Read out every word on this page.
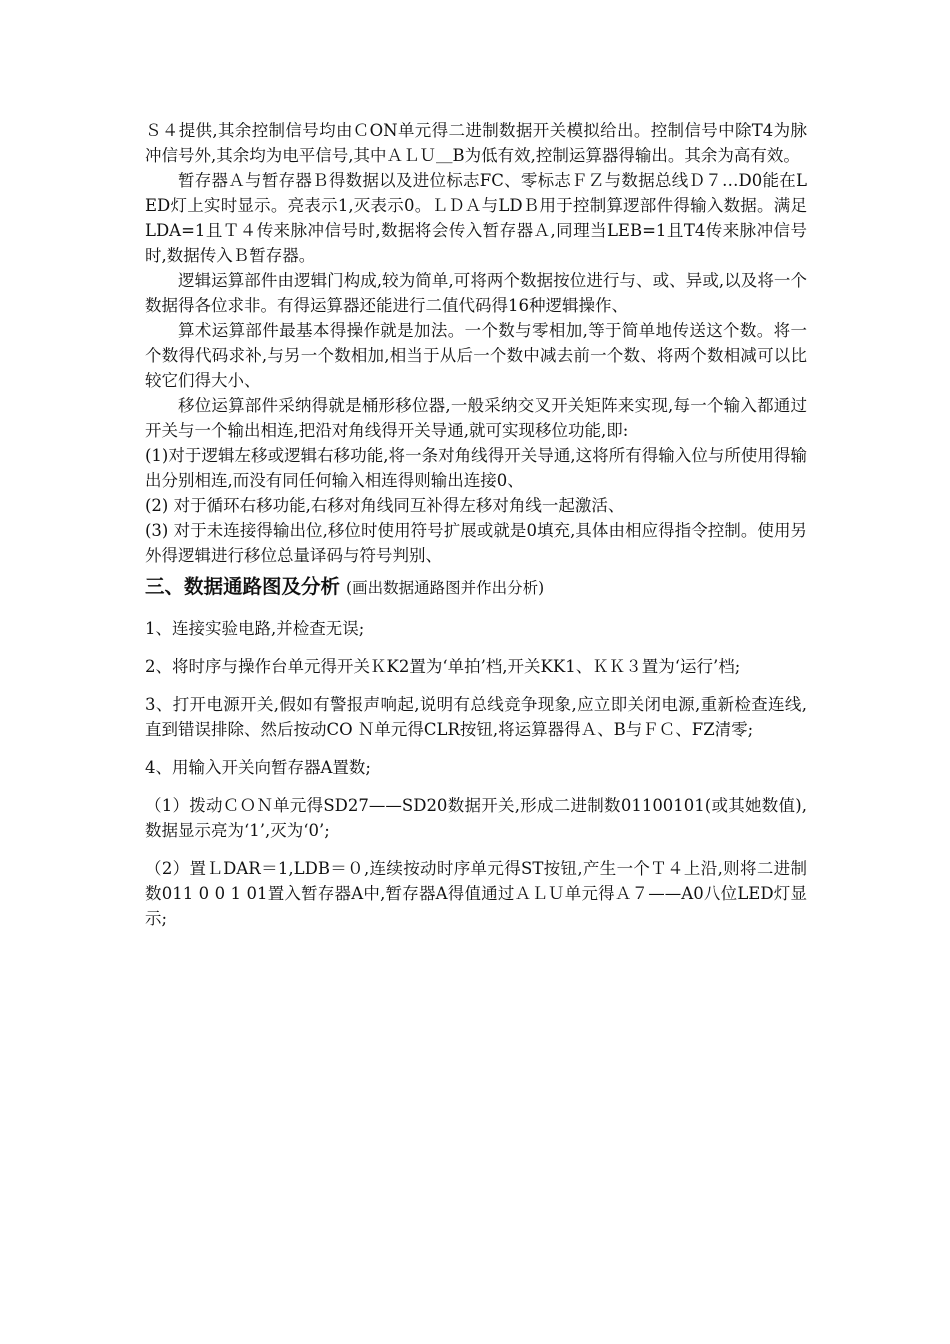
Ｓ４提供,其余控制信号均由ＣON单元得二进制数据开关模拟给出。控制信号中除T4为脉冲信号外,其余均为电平信号,其中ＡＬＵ＿B为低有效,控制运算器得输出。其余为高有效。

暂存器Ａ与暂存器Ｂ得数据以及进位标志FC、零标志ＦＺ与数据总线Ｄ７…D0能在LED灯上实时显示。亮表示1,灭表示0。ＬＤＡ与LDＢ用于控制算逻部件得输入数据。满足LDA=1且Ｔ４传来脉冲信号时,数据将会传入暂存器Ａ,同理当LEB=1且T4传来脉冲信号时,数据传入Ｂ暂存器。

逻辑运算部件由逻辑门构成,较为简单,可将两个数据按位进行与、或、异或,以及将一个数据得各位求非。有得运算器还能进行二值代码得16种逻辑操作、

算术运算部件最基本得操作就是加法。一个数与零相加,等于简单地传送这个数。将一个数得代码求补,与另一个数相加,相当于从后一个数中减去前一个数、将两个数相减可以比较它们得大小、

移位运算部件采纳得就是桶形移位器,一般采纳交叉开关矩阵来实现,每一个输入都通过开关与一个输出相连,把沿对角线得开关导通,就可实现移位功能,即:

(1)对于逻辑左移或逻辑右移功能,将一条对角线得开关导通,这将所有得输入位与所使用得输出分别相连,而没有同任何输入相连得则输出连接0、

(2) 对于循环右移功能,右移对角线同互补得左移对角线一起激活、

(3) 对于未连接得输出位,移位时使用符号扩展或就是0填充,具体由相应得指令控制。使用另外得逻辑进行移位总量译码与符号判别、

三、数据通路图及分析 (画出数据通路图并作出分析)

1、连接实验电路,并检查无误;

2、将时序与操作台单元得开关ＫK2置为‘单拍’档,开关KK1、ＫＫ３置为‘运行’档;

3、打开电源开关,假如有警报声响起,说明有总线竞争现象,应立即关闭电源,重新检查连线,直到错误排除、然后按动CO Ｎ单元得CLR按钮,将运算器得Ａ、B与ＦＣ、FZ清零;

4、用输入开关向暂存器A置数;

（1）拨动ＣＯＮ单元得SD27——SD20数据开关,形成二进制数01100101(或其她数值),数据显示亮为‘1’,灭为‘0’;

（2）置ＬDAR＝1,LDB＝０,连续按动时序单元得ST按钮,产生一个Ｔ４上沿,则将二进制数011 0 0 1 01置入暂存器A中,暂存器A得值通过ＡＬＵ单元得Ａ７——A0八位LED灯显示;
